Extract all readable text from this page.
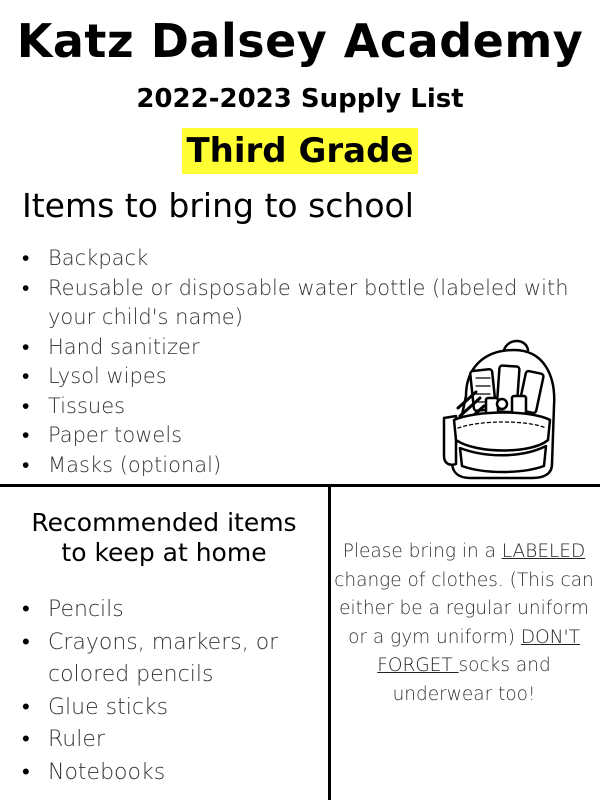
Katz Dalsey Academy
2022-2023 Supply List
Third Grade
Items to bring to school
• Backpack
• Reusable or disposable water bottle (labeled with your child's name)
• Hand sanitizer
• Lysol wipes
• Tissues
• Paper towels
• Masks (optional)
Recommended items
to keep at home
• Pencils
• Crayons, markers, or colored pencils
• Glue sticks
• Ruler
• Notebooks
Please bring in a LABELED change of clothes. (This can either be a regular uniform or a gym uniform) DON'T FORGET socks and underwear too!
